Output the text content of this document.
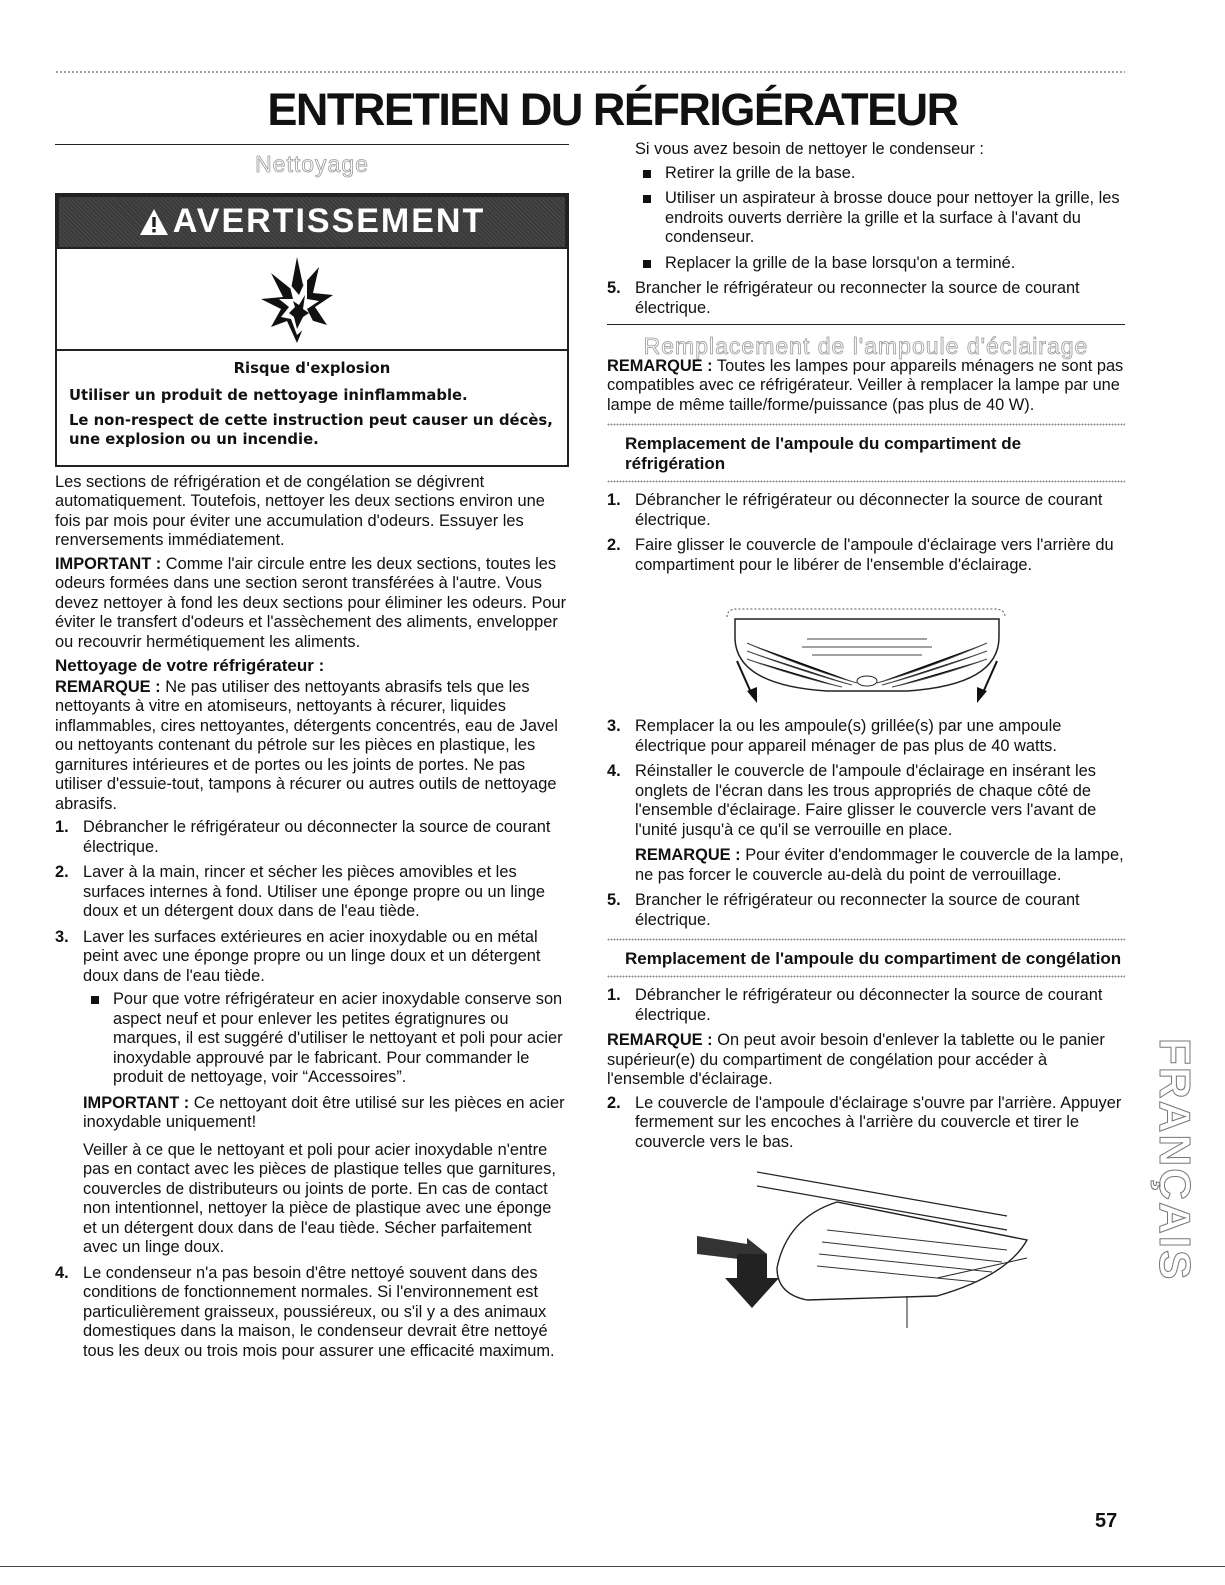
ENTRETIEN DU RÉFRIGÉRATEUR
Nettoyage
AVERTISSEMENT

Risque d'explosion

Utiliser un produit de nettoyage ininflammable.

Le non-respect de cette instruction peut causer un décès, une explosion ou un incendie.

Les sections de réfrigération et de congélation se dégivrent automatiquement. Toutefois, nettoyer les deux sections environ une fois par mois pour éviter une accumulation d'odeurs. Essuyer les renversements immédiatement.

IMPORTANT : Comme l'air circule entre les deux sections, toutes les odeurs formées dans une section seront transférées à l'autre. Vous devez nettoyer à fond les deux sections pour éliminer les odeurs. Pour éviter le transfert d'odeurs et l'assèchement des aliments, envelopper ou recouvrir hermétiquement les aliments.

Nettoyage de votre réfrigérateur :

REMARQUE : Ne pas utiliser des nettoyants abrasifs tels que les nettoyants à vitre en atomiseurs, nettoyants à récurer, liquides inflammables, cires nettoyantes, détergents concentrés, eau de Javel ou nettoyants contenant du pétrole sur les pièces en plastique, les garnitures intérieures et de portes ou les joints de portes. Ne pas utiliser d'essuie-tout, tampons à récurer ou autres outils de nettoyage abrasifs.

1. Débrancher le réfrigérateur ou déconnecter la source de courant électrique.
2. Laver à la main, rincer et sécher les pièces amovibles et les surfaces internes à fond. Utiliser une éponge propre ou un linge doux et un détergent doux dans de l'eau tiède.
3. Laver les surfaces extérieures en acier inoxydable ou en métal peint avec une éponge propre ou un linge doux et un détergent doux dans de l'eau tiède.
Pour que votre réfrigérateur en acier inoxydable conserve son aspect neuf et pour enlever les petites égratignures ou marques, il est suggéré d'utiliser le nettoyant et poli pour acier inoxydable approuvé par le fabricant. Pour commander le produit de nettoyage, voir “Accessoires”.

IMPORTANT : Ce nettoyant doit être utilisé sur les pièces en acier inoxydable uniquement!

Veiller à ce que le nettoyant et poli pour acier inoxydable n'entre pas en contact avec les pièces de plastique telles que garnitures, couvercles de distributeurs ou joints de porte. En cas de contact non intentionnel, nettoyer la pièce de plastique avec une éponge et un détergent doux dans de l'eau tiède. Sécher parfaitement avec un linge doux.

4. Le condenseur n'a pas besoin d'être nettoyé souvent dans des conditions de fonctionnement normales. Si l'environnement est particulièrement graisseux, poussiéreux, ou s'il y a des animaux domestiques dans la maison, le condenseur devrait être nettoyé tous les deux ou trois mois pour assurer une efficacité maximum.

Si vous avez besoin de nettoyer le condenseur :

Retirer la grille de la base.
Utiliser un aspirateur à brosse douce pour nettoyer la grille, les endroits ouverts derrière la grille et la surface à l'avant du condenseur.
Replacer la grille de la base lorsqu'on a terminé.
5. Brancher le réfrigérateur ou reconnecter la source de courant électrique.
Remplacement de l'ampoule d'éclairage

REMARQUE : Toutes les lampes pour appareils ménagers ne sont pas compatibles avec ce réfrigérateur. Veiller à remplacer la lampe par une lampe de même taille/forme/puissance (pas plus de 40 W).

Remplacement de l'ampoule du compartiment de réfrigération
1. Débrancher le réfrigérateur ou déconnecter la source de courant électrique.
2. Faire glisser le couvercle de l'ampoule d'éclairage vers l'arrière du compartiment pour le libérer de l'ensemble d'éclairage.
3. Remplacer la ou les ampoule(s) grillée(s) par une ampoule électrique pour appareil ménager de pas plus de 40 watts.
4. Réinstaller le couvercle de l'ampoule d'éclairage en insérant les onglets de l'écran dans les trous appropriés de chaque côté de l'ensemble d'éclairage. Faire glisser le couvercle vers l'avant de l'unité jusqu'à ce qu'il se verrouille en place.

REMARQUE : Pour éviter d'endommager le couvercle de la lampe, ne pas forcer le couvercle au-delà du point de verrouillage.

5. Brancher le réfrigérateur ou reconnecter la source de courant électrique.
Remplacement de l'ampoule du compartiment de congélation
1. Débrancher le réfrigérateur ou déconnecter la source de courant électrique.

REMARQUE : On peut avoir besoin d'enlever la tablette ou le panier supérieur(e) du compartiment de congélation pour accéder à l'ensemble d'éclairage.

2. Le couvercle de l'ampoule d'éclairage s'ouvre par l'arrière. Appuyer fermement sur les encoches à l'arrière du couvercle et tirer le couvercle vers le bas.	FRANÇAIS
57
